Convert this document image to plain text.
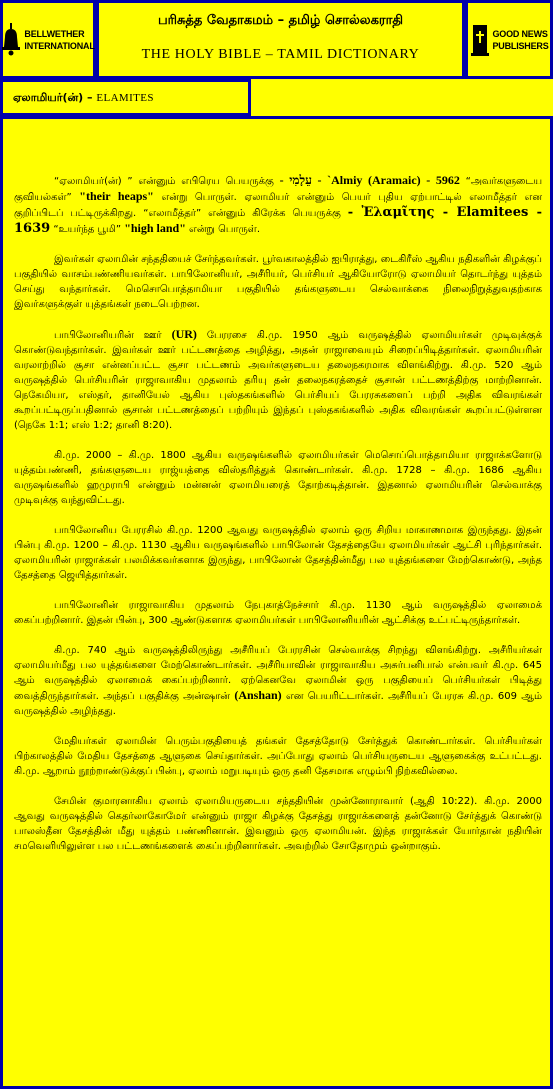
BELLWETHER
INTERNATIONAL
பரிசுத்த வேதாகமம் – தமிழ் சொல்லகராதி
THE HOLY BIBLE – TAMIL DICTIONARY
GOOD NEWS
PUBLISHERS
ஏலாமியர்(ன்) – ELAMITES

“ஏலாமியர்(ன்) ” என்னும் எபிரெய பெயருக்கு - עֵלָמִי - `Almiy (Aramaic) - 5962 “அவர்களுடைய குவியல்கள்” "their heaps" என்று பொருள். ஏலாமியர் என்னும் பெயர் புதிய ஏற்பாட்டில் எலாமீத்தர் என குறிப்பிடப் பட்டிருக்கிறது. “எலாமீத்தர்” என்னும் கிரேக்க பெயருக்கு - Ἐλαμῖτης - Elamitees - 1639 “உயர்ந்த பூமி” "high land" என்று பொருள்.

இவர்கள் ஏலாமின் சந்ததியைச் சேர்ந்தவர்கள். பூர்வகாலத்தில் ஐபிராத்து, டைகிரீஸ் ஆகிய நதிகளின் கிழக்குப் பகுதியில் வாசம்பண்ணியவர்கள். பாபிலோனியர், அசீரியர், பெர்சியர் ஆகியோரோடு ஏலாமியர் தொடர்ந்து யுத்தம் செய்து வந்தார்கள். மெசொபொத்தாமியா பகுதியில் தங்களுடைய செல்வாக்கை நிலைநிறுத்துவதற்காக இவர்களுக்குள் யுத்தங்கள் நடைபெற்றன.

பாபிலோனியரின் ஊர் (UR) பேரரசை கி.மு. 1950 ஆம் வருஷத்தில் ஏலாமியர்கள் முடிவுக்குக் கொண்டுவந்தார்கள். இவர்கள் ஊர் பட்டணத்தை அழித்து, அதன் ராஜாவையும் சிறைப்பிடித்தார்கள். ஏலாமியரின் வரலாற்றில் சூசா என்னப்பட்ட சூசா பட்டணம் அவர்களுடைய தலைநகரமாக விளங்கிற்று. கி.மு. 520 ஆம் வருஷத்தில் பெர்சியரின் ராஜாவாகிய முதலாம் தரியு தன் தலைநகரத்தைச் சூசான் பட்டணத்திற்கு மாற்றினான். நெகேமியா, எஸ்தர், தானியேல் ஆகிய புஸ்தகங்களில் பெர்சியப் பேரரசுகளைப் பற்றி அதிக விவரங்கள் கூறப்பட்டிருப்பதினால் சூசான் பட்டணத்தைப் பற்றியும் இந்தப் புஸ்தகங்களில் அதிக விவரங்கள் கூறப்பட்டுள்ளன (நெகே 1:1; எஸ் 1:2; தானி 8:20).

கி.மு. 2000 – கி.மு. 1800 ஆகிய வருஷங்களில் ஏலாமியர்கள் மெசொப்பொத்தாமியா ராஜாக்களோடு யுத்தம்பண்ணி, தங்களுடைய ராஜ்யத்தை விஸ்தரித்துக் கொண்டார்கள். கி.மு. 1728 – கி.மு. 1686 ஆகிய வருஷங்களில் ஹமுராபி என்னும் மன்னன் ஏலாமியரைத் தோற்கடித்தான். இதனால் ஏலாமியரின் செல்வாக்கு முடிவுக்கு வந்துவிட்டது.

பாபிலோனிய பேரரசில் கி.மு. 1200 ஆவது வருஷத்தில் ஏலாம் ஒரு சிறிய மாகாணமாக இருந்தது. இதன் பின்பு கி.மு. 1200 – கி.மு. 1130 ஆகிய வருஷங்களில் பாபிலோன் தேசத்தையே ஏலாமியர்கள் ஆட்சி புரிந்தார்கள். ஏலாமியரின் ராஜாக்கள் பலமிக்கவர்களாக இருந்து, பாபிலோன் தேசத்தின்மீது பல யுத்தங்களை மேற்கொண்டு, அந்த தேசத்தை ஜெயித்தார்கள்.

பாபிலோனின் ராஜாவாகிய முதலாம் நேபுகாத்நேச்சார் கி.மு. 1130 ஆம் வருஷத்தில் ஏலாமைக் கைப்பற்றினார். இதன் பின்பு, 300 ஆண்டுகளாக ஏலாமியர்கள் பாபிலோனியரின் ஆட்சிக்கு உட்பட்டிருந்தார்கள்.

கி.மு. 740 ஆம் வருஷத்திலிருந்து அசீரியப் பேரரசின் செல்வாக்கு சிறந்து விளங்கிற்று. அசீரியர்கள் ஏலாமியர்மீது பல யுத்தங்களை மேற்கொண்டார்கள். அசீரியாவின் ராஜாவாகிய அசுர்பனிபால் என்பவர் கி.மு. 645 ஆம் வருஷத்தில் ஏலாமைக் கைப்பற்றினார். ஏற்கெனவே ஏலாமின் ஒரு பகுதியைப் பெர்சியர்கள் பிடித்து வைத்திருந்தார்கள். அந்தப் பகுதிக்கு அன்ஷான் (Anshan) என பெயரிட்டார்கள். அசீரியப் பேரரசு கி.மு. 609 ஆம் வருஷத்தில் அழிந்தது.

மேதியர்கள் ஏலாமின் பெரும்பகுதியைத் தங்கள் தேசத்தோடு சேர்த்துக் கொண்டார்கள். பெர்சியர்கள் பிற்காலத்தில் மேதிய தேசத்தை ஆளுகை செய்தார்கள். அப்போது ஏலாம் பெர்சியருடைய ஆளுகைக்கு உட்பட்டது. கி.மு. ஆறாம் நூற்றாண்டுக்குப் பின்பு, ஏலாம் மறுபடியும் ஒரு தனி தேசமாக எழும்பி நிற்கவில்லை.

சேமின் குமாரனாகிய ஏலாம் ஏலாமியருடைய சந்ததியின் முன்னோராவார் (ஆதி 10:22). கி.மு. 2000 ஆவது வருஷத்தில் கெதர்லாகோமேர் என்னும் ராஜா கிழக்கு தேசத்து ராஜாக்களைத் தன்னோடு சேர்த்துக் கொண்டு பாலஸ்தீன தேசத்தின் மீது யுத்தம் பண்ணினான். இவனும் ஒரு ஏலாமியன். இந்த ராஜாக்கள் யோர்தான் நதியின் சமவெளியிலுள்ள பல பட்டணங்களைக் கைப்பற்றினார்கள். அவற்றில் சோதோமும் ஒன்றாகும்.
